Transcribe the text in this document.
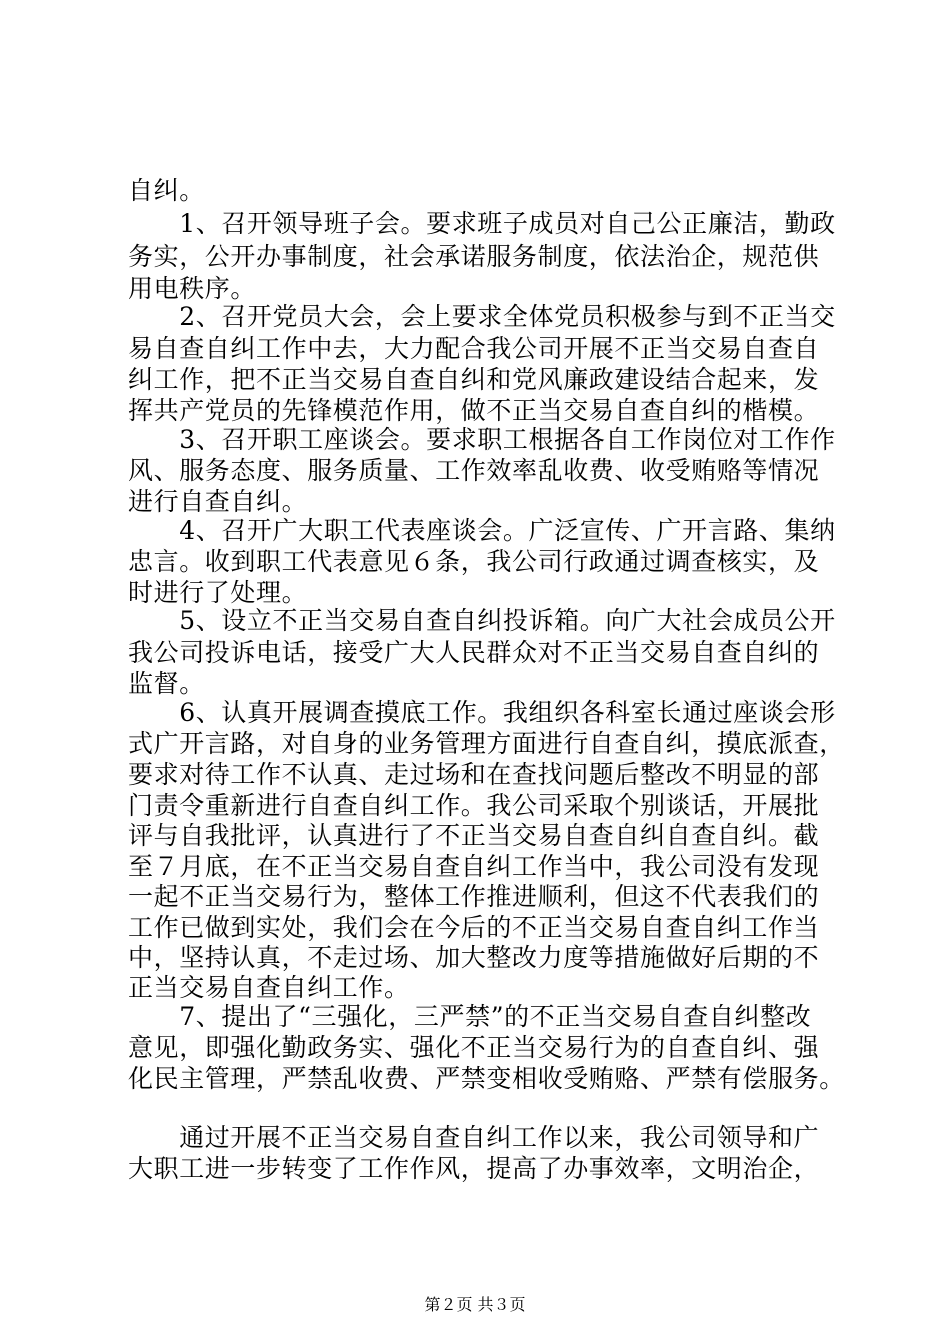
自纠。
　　1、召开领导班子会。要求班子成员对自己公正廉洁，勤政
务实，公开办事制度，社会承诺服务制度，依法治企，规范供
用电秩序。
　　2、召开党员大会，会上要求全体党员积极参与到不正当交
易自查自纠工作中去，大力配合我公司开展不正当交易自查自
纠工作，把不正当交易自查自纠和党风廉政建设结合起来，发
挥共产党员的先锋模范作用，做不正当交易自查自纠的楷模。
　　3、召开职工座谈会。要求职工根据各自工作岗位对工作作
风、服务态度、服务质量、工作效率乱收费、收受贿赂等情况
进行自查自纠。
　　4、召开广大职工代表座谈会。广泛宣传、广开言路、集纳
忠言。收到职工代表意见６条，我公司行政通过调查核实，及
时进行了处理。
　　5、设立不正当交易自查自纠投诉箱。向广大社会成员公开
我公司投诉电话，接受广大人民群众对不正当交易自查自纠的
监督。
　　6、认真开展调查摸底工作。我组织各科室长通过座谈会形
式广开言路，对自身的业务管理方面进行自查自纠，摸底派查，
要求对待工作不认真、走过场和在查找问题后整改不明显的部
门责令重新进行自查自纠工作。我公司采取个别谈话，开展批
评与自我批评，认真进行了不正当交易自查自纠自查自纠。截
至７月底，在不正当交易自查自纠工作当中，我公司没有发现
一起不正当交易行为，整体工作推进顺利，但这不代表我们的
工作已做到实处，我们会在今后的不正当交易自查自纠工作当
中，坚持认真，不走过场、加大整改力度等措施做好后期的不
正当交易自查自纠工作。
　　7、提出了“三强化，三严禁”的不正当交易自查自纠整改
意见，即强化勤政务实、强化不正当交易行为的自查自纠、强
化民主管理，严禁乱收费、严禁变相收受贿赂、严禁有偿服务。
　　通过开展不正当交易自查自纠工作以来，我公司领导和广
大职工进一步转变了工作作风，提高了办事效率，文明治企，
第２页 共３页
